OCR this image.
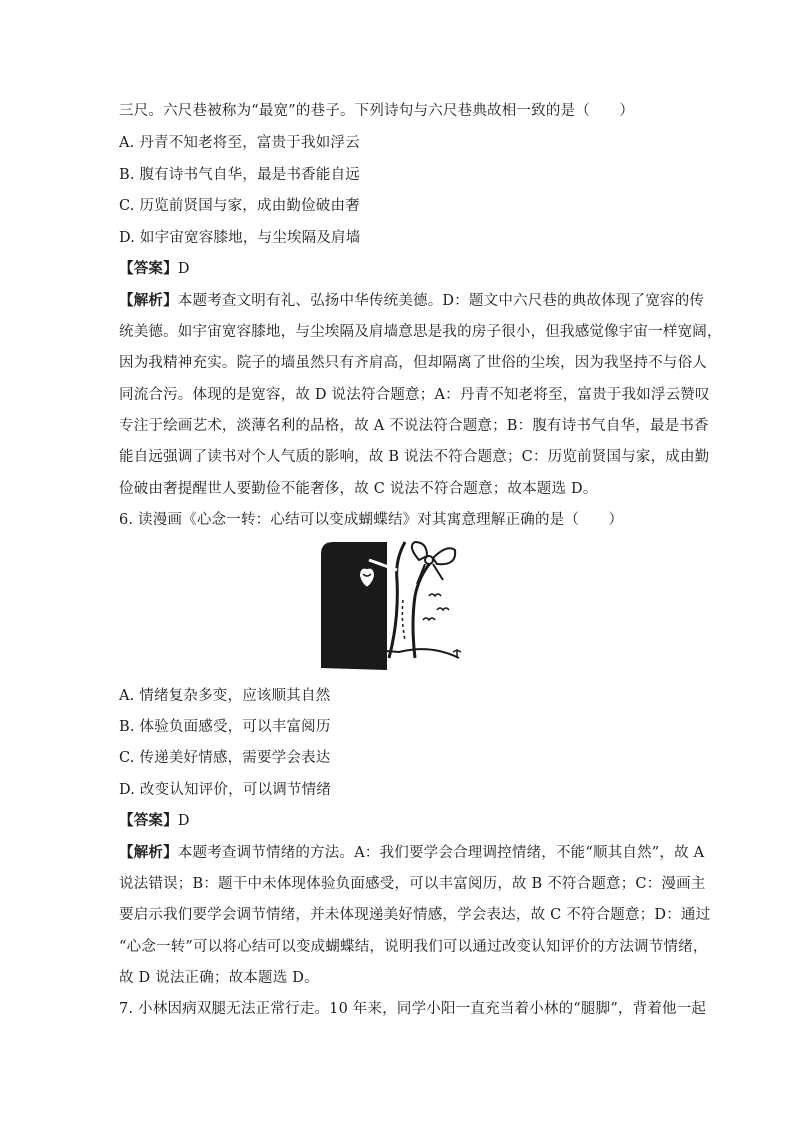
三尺。六尺巷被称为“最宽”的巷子。下列诗句与六尺巷典故相一致的是（　　）
A. 丹青不知老将至，富贵于我如浮云
B. 腹有诗书气自华，最是书香能自远
C. 历览前贤国与家，成由勤俭破由奢
D. 如宇宙宽容膝地，与尘埃隔及肩墙
【答案】D
【解析】本题考查文明有礼、弘扬中华传统美德。D：题文中六尺巷的典故体现了宽容的传
统美德。如宇宙宽容膝地，与尘埃隔及肩墙意思是我的房子很小，但我感觉像宇宙一样宽阔，
因为我精神充实。院子的墙虽然只有齐肩高，但却隔离了世俗的尘埃，因为我坚持不与俗人
同流合污。体现的是宽容，故 D 说法符合题意；A：丹青不知老将至，富贵于我如浮云赞叹
专注于绘画艺术，淡薄名利的品格，故 A 不说法符合题意；B：腹有诗书气自华，最是书香
能自远强调了读书对个人气质的影响，故 B 说法不符合题意；C：历览前贤国与家，成由勤
俭破由奢提醒世人要勤俭不能奢侈，故 C 说法不符合题意；故本题选 D。
6. 读漫画《心念一转：心结可以变成蝴蝶结》对其寓意理解正确的是（　　）
A. 情绪复杂多变，应该顺其自然
B. 体验负面感受，可以丰富阅历
C. 传递美好情感，需要学会表达
D. 改变认知评价，可以调节情绪
【答案】D
【解析】本题考查调节情绪的方法。A：我们要学会合理调控情绪，不能“顺其自然”，故 A
说法错误；B：题干中未体现体验负面感受，可以丰富阅历，故 B 不符合题意；C：漫画主
要启示我们要学会调节情绪，并未体现递美好情感，学会表达，故 C 不符合题意；D：通过
“心念一转”可以将心结可以变成蝴蝶结，说明我们可以通过改变认知评价的方法调节情绪，
故 D 说法正确；故本题选 D。
7. 小林因病双腿无法正常行走。10 年来，同学小阳一直充当着小林的“腿脚”，背着他一起
